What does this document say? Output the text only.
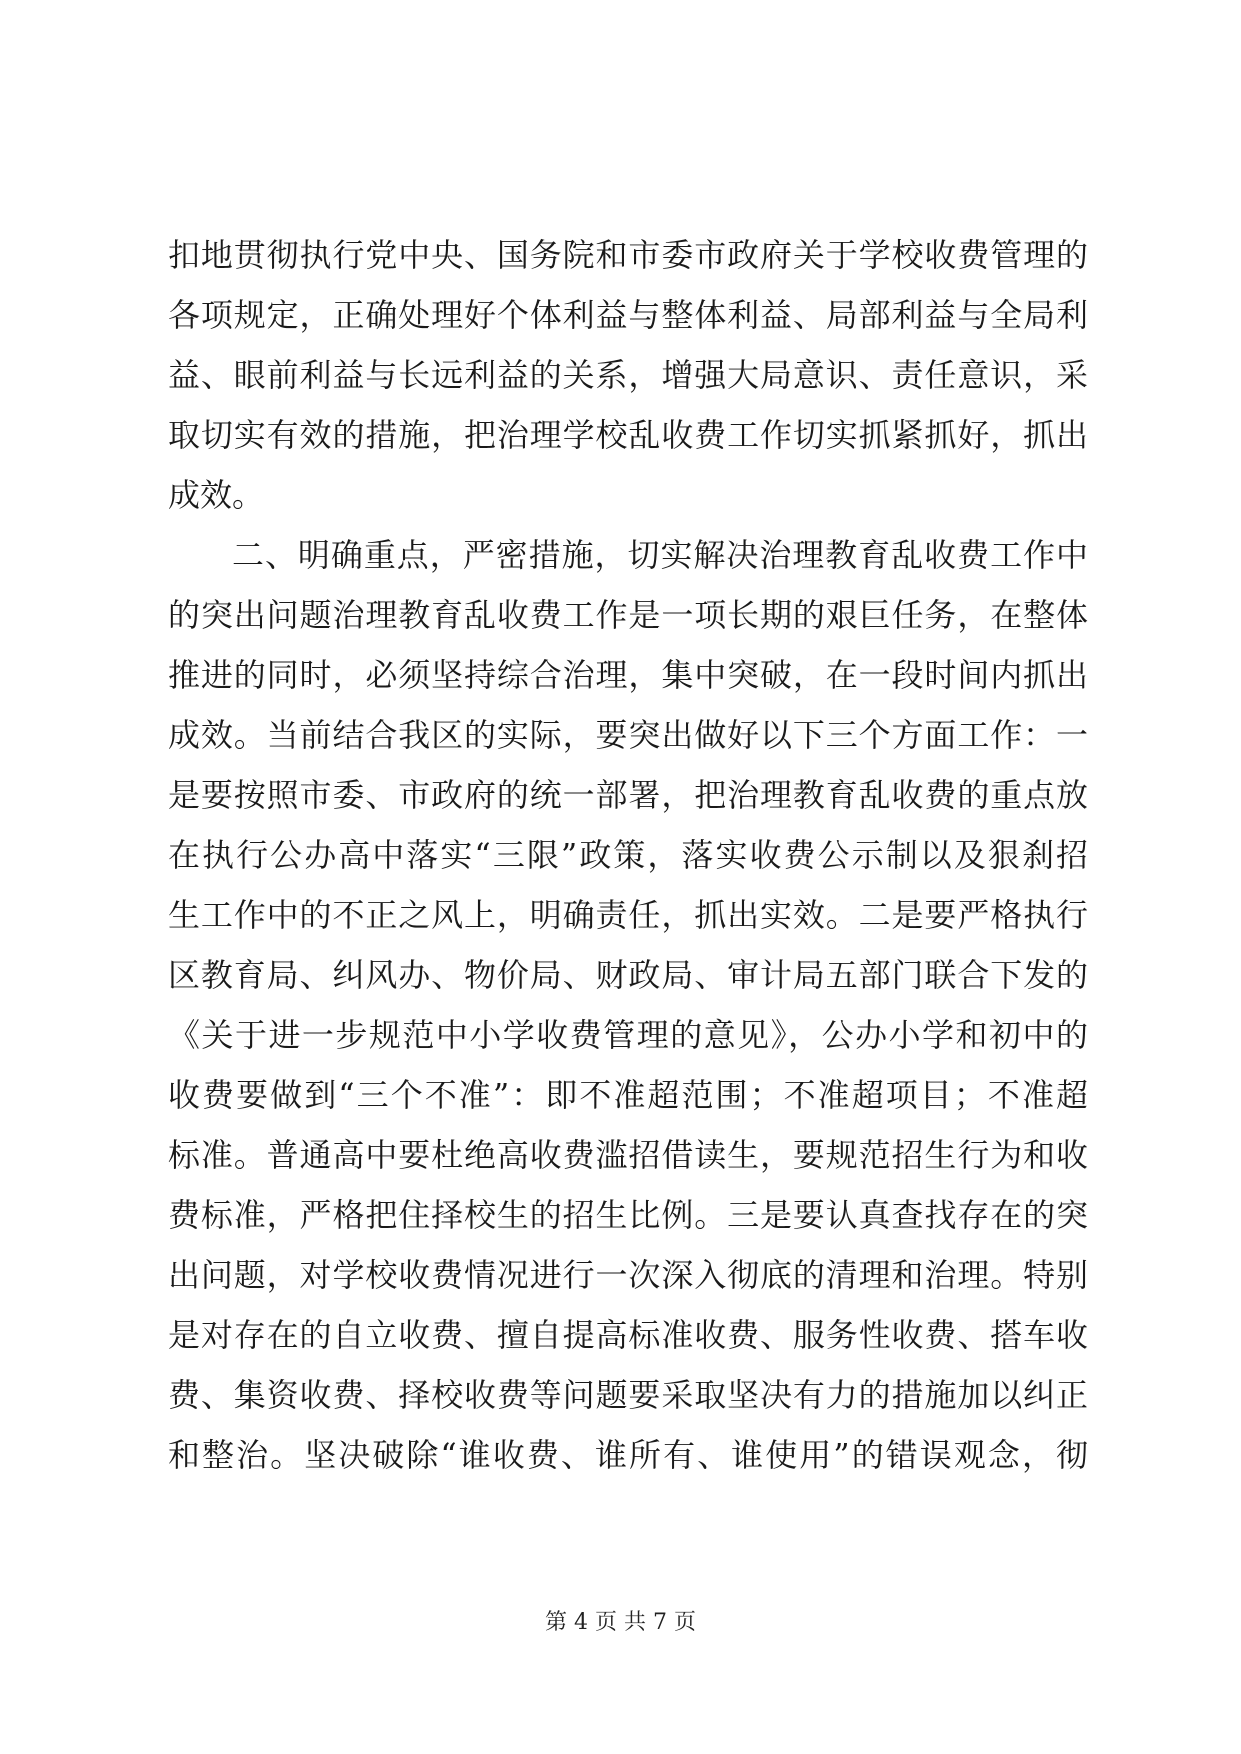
扣地贯彻执行党中央、国务院和市委市政府关于学校收费管理的
各项规定，正确处理好个体利益与整体利益、局部利益与全局利
益、眼前利益与长远利益的关系，增强大局意识、责任意识，采
取切实有效的措施，把治理学校乱收费工作切实抓紧抓好，抓出
成效。
二、明确重点，严密措施，切实解决治理教育乱收费工作中
的突出问题治理教育乱收费工作是一项长期的艰巨任务，在整体
推进的同时，必须坚持综合治理，集中突破，在一段时间内抓出
成效。当前结合我区的实际，要突出做好以下三个方面工作：一
是要按照市委、市政府的统一部署，把治理教育乱收费的重点放
在执行公办高中落实“三限”政策，落实收费公示制以及狠刹招
生工作中的不正之风上，明确责任，抓出实效。二是要严格执行
区教育局、纠风办、物价局、财政局、审计局五部门联合下发的
《关于进一步规范中小学收费管理的意见》，公办小学和初中的
收费要做到“三个不准”：即不准超范围；不准超项目；不准超
标准。普通高中要杜绝高收费滥招借读生，要规范招生行为和收
费标准，严格把住择校生的招生比例。三是要认真查找存在的突
出问题，对学校收费情况进行一次深入彻底的清理和治理。特别
是对存在的自立收费、擅自提高标准收费、服务性收费、搭车收
费、集资收费、择校收费等问题要采取坚决有力的措施加以纠正
和整治。坚决破除“谁收费、谁所有、谁使用”的错误观念，彻
第 4 页 共 7 页
